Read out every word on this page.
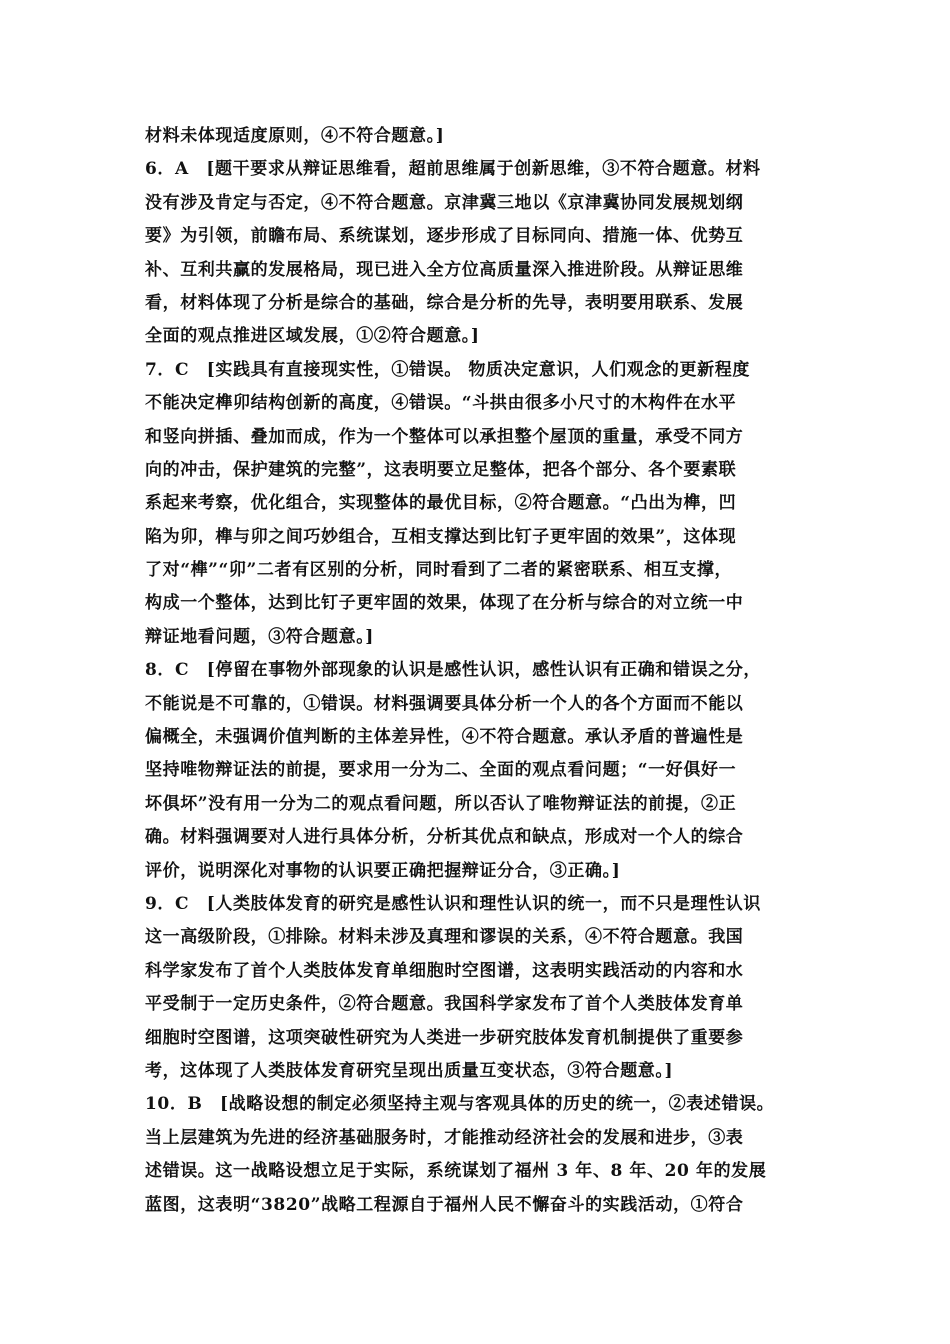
材料未体现适度原则，④不符合题意。]
6．A　[题干要求从辩证思维看，超前思维属于创新思维，③不符合题意。材料
没有涉及肯定与否定，④不符合题意。京津冀三地以《京津冀协同发展规划纲
要》为引领，前瞻布局、系统谋划，逐步形成了目标同向、措施一体、优势互
补、互利共赢的发展格局，现已进入全方位高质量深入推进阶段。从辩证思维
看，材料体现了分析是综合的基础，综合是分析的先导，表明要用联系、发展
全面的观点推进区域发展，①②符合题意。]
7．C　[实践具有直接现实性，①错误。 物质决定意识，人们观念的更新程度
不能决定榫卯结构创新的高度，④错误。“斗拱由很多小尺寸的木构件在水平
和竖向拼插、叠加而成，作为一个整体可以承担整个屋顶的重量，承受不同方
向的冲击，保护建筑的完整”，这表明要立足整体，把各个部分、各个要素联
系起来考察，优化组合，实现整体的最优目标，②符合题意。“凸出为榫，凹
陷为卯，榫与卯之间巧妙组合，互相支撑达到比钉子更牢固的效果”，这体现
了对“榫”“卯”二者有区别的分析，同时看到了二者的紧密联系、相互支撑，
构成一个整体，达到比钉子更牢固的效果，体现了在分析与综合的对立统一中
辩证地看问题，③符合题意。]
8．C　[停留在事物外部现象的认识是感性认识，感性认识有正确和错误之分，
不能说是不可靠的，①错误。材料强调要具体分析一个人的各个方面而不能以
偏概全，未强调价值判断的主体差异性，④不符合题意。承认矛盾的普遍性是
坚持唯物辩证法的前提，要求用一分为二、全面的观点看问题；“一好俱好一
坏俱坏”没有用一分为二的观点看问题，所以否认了唯物辩证法的前提，②正
确。材料强调要对人进行具体分析，分析其优点和缺点，形成对一个人的综合
评价，说明深化对事物的认识要正确把握辩证分合，③正确。]
9．C　[人类肢体发育的研究是感性认识和理性认识的统一，而不只是理性认识
这一高级阶段，①排除。材料未涉及真理和谬误的关系，④不符合题意。我国
科学家发布了首个人类肢体发育单细胞时空图谱，这表明实践活动的内容和水
平受制于一定历史条件，②符合题意。我国科学家发布了首个人类肢体发育单
细胞时空图谱，这项突破性研究为人类进一步研究肢体发育机制提供了重要参
考，这体现了人类肢体发育研究呈现出质量互变状态，③符合题意。]
10．B　[战略设想的制定必须坚持主观与客观具体的历史的统一，②表述错误。
当上层建筑为先进的经济基础服务时，才能推动经济社会的发展和进步，③表
述错误。这一战略设想立足于实际，系统谋划了福州 3 年、8 年、20 年的发展
蓝图，这表明“3820”战略工程源自于福州人民不懈奋斗的实践活动，①符合
